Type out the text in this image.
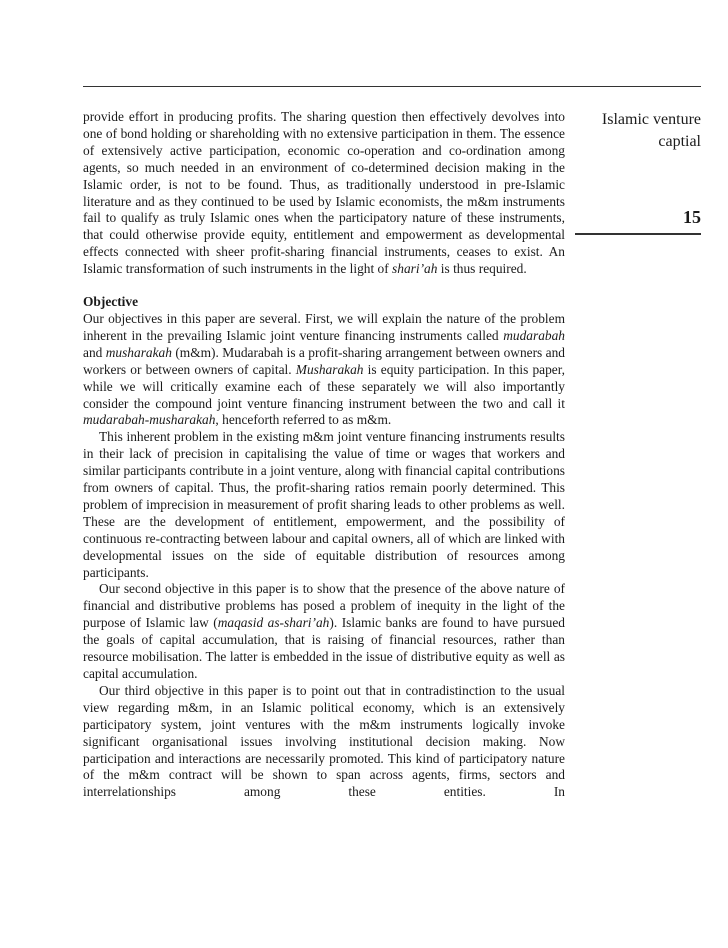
Islamic venture
captial
15

provide effort in producing profits. The sharing question then effectively devolves into one of bond holding or shareholding with no extensive participation in them. The essence of extensively active participation, economic co-operation and co-ordination among agents, so much needed in an environment of co-determined decision making in the Islamic order, is not to be found. Thus, as traditionally understood in pre-Islamic literature and as they continued to be used by Islamic economists, the m&m instruments fail to qualify as truly Islamic ones when the participatory nature of these instruments, that could otherwise provide equity, entitlement and empowerment as developmental effects connected with sheer profit-sharing financial instruments, ceases to exist. An Islamic transformation of such instruments in the light of shari’ah is thus required.

Objective

Our objectives in this paper are several. First, we will explain the nature of the problem inherent in the prevailing Islamic joint venture financing instruments called mudarabah and musharakah (m&m). Mudarabah is a profit-sharing arrangement between owners and workers or between owners of capital. Musharakah is equity participation. In this paper, while we will critically examine each of these separately we will also importantly consider the compound joint venture financing instrument between the two and call it mudarabah-musharakah, henceforth referred to as m&m.

This inherent problem in the existing m&m joint venture financing instruments results in their lack of precision in capitalising the value of time or wages that workers and similar participants contribute in a joint venture, along with financial capital contributions from owners of capital. Thus, the profit-sharing ratios remain poorly determined. This problem of imprecision in measurement of profit sharing leads to other problems as well. These are the development of entitlement, empowerment, and the possibility of continuous re-contracting between labour and capital owners, all of which are linked with developmental issues on the side of equitable distribution of resources among participants.

Our second objective in this paper is to show that the presence of the above nature of financial and distributive problems has posed a problem of inequity in the light of the purpose of Islamic law (maqasid as-shari’ah). Islamic banks are found to have pursued the goals of capital accumulation, that is raising of financial resources, rather than resource mobilisation. The latter is embedded in the issue of distributive equity as well as capital accumulation.

Our third objective in this paper is to point out that in contradistinction to the usual view regarding m&m, in an Islamic political economy, which is an extensively participatory system, joint ventures with the m&m instruments logically invoke significant organisational issues involving institutional decision making. Now participation and interactions are necessarily promoted. This kind of participatory nature of the m&m contract will be shown to span across agents, firms, sectors and interrelationships among these entities. In
